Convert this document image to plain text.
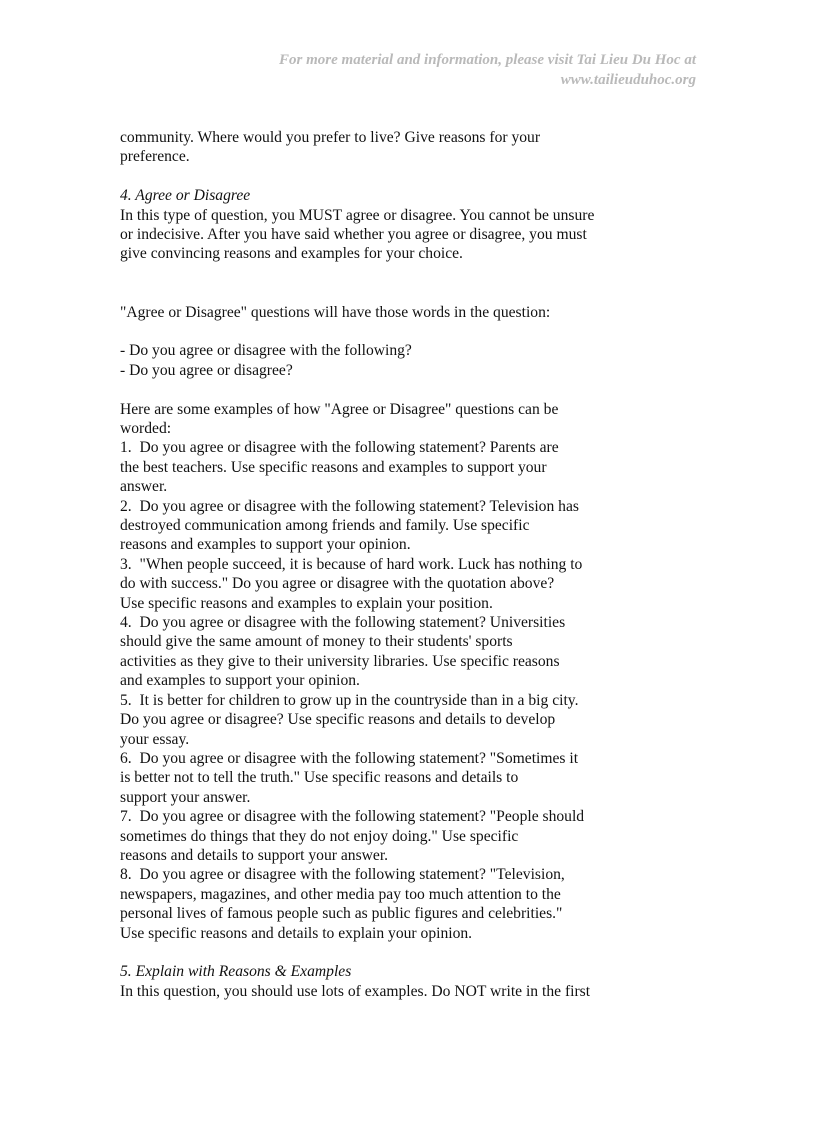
For more material and information, please visit Tai Lieu Du Hoc at
www.tailieuduhoc.org
community. Where would you prefer to live? Give reasons for your
preference.
4. Agree or Disagree
In this type of question, you MUST agree or disagree. You cannot be unsure
or indecisive. After you have said whether you agree or disagree, you must
give convincing reasons and examples for your choice.
"Agree or Disagree" questions will have those words in the question:
- Do you agree or disagree with the following?
- Do you agree or disagree?
Here are some examples of how "Agree or Disagree" questions can be
worded:
1.  Do you agree or disagree with the following statement? Parents are
the best teachers. Use specific reasons and examples to support your
answer.
2.  Do you agree or disagree with the following statement? Television has
destroyed communication among friends and family. Use specific
reasons and examples to support your opinion.
3.  "When people succeed, it is because of hard work. Luck has nothing to
do with success." Do you agree or disagree with the quotation above?
Use specific reasons and examples to explain your position.
4.  Do you agree or disagree with the following statement? Universities
should give the same amount of money to their students' sports
activities as they give to their university libraries. Use specific reasons
and examples to support your opinion.
5.  It is better for children to grow up in the countryside than in a big city.
Do you agree or disagree? Use specific reasons and details to develop
your essay.
6.  Do you agree or disagree with the following statement? "Sometimes it
is better not to tell the truth." Use specific reasons and details to
support your answer.
7.  Do you agree or disagree with the following statement? "People should
sometimes do things that they do not enjoy doing." Use specific
reasons and details to support your answer.
8.  Do you agree or disagree with the following statement? "Television,
newspapers, magazines, and other media pay too much attention to the
personal lives of famous people such as public figures and celebrities."
Use specific reasons and details to explain your opinion.
5. Explain with Reasons & Examples
In this question, you should use lots of examples. Do NOT write in the first
